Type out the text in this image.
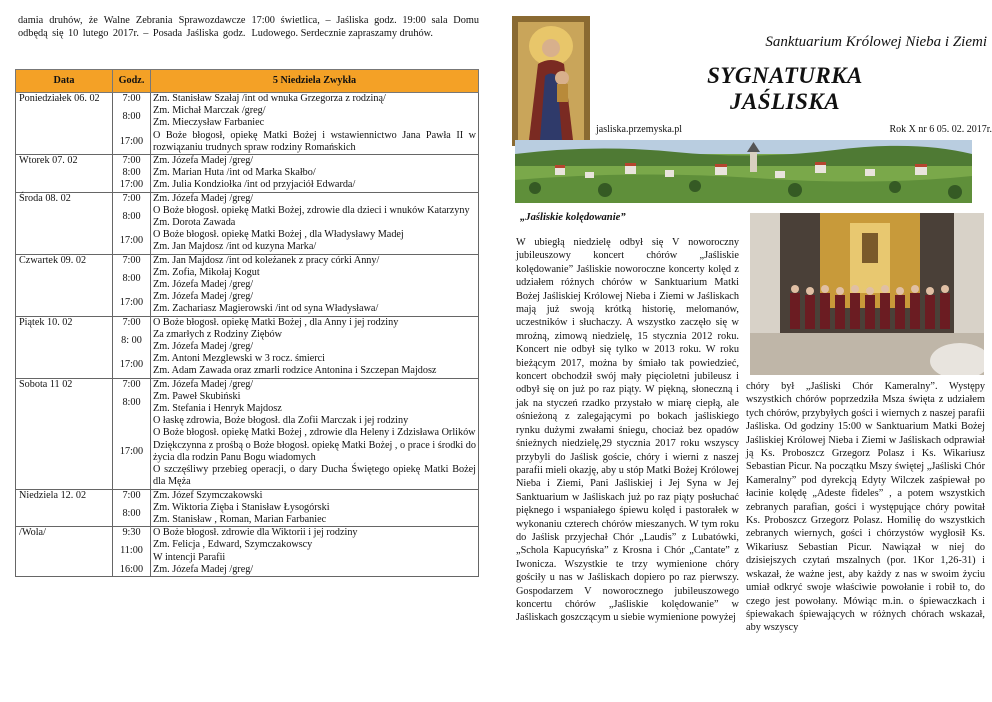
damia druhów, że Walne Zebrania Sprawozdawcze odbędą się 10 lutego 2017r. – Posada Jaśliska godz. 17:00 świetlica, – Jaśliska godz. 19:00 sala Domu Ludowego. Serdecznie zapraszamy druhów.

Data	Godz.	5 Niedziela Zwykła
Poniedziałek 06. 02	7:00	Zm. Stanisław Szałaj /int od wnuka Grzegorza z rodziną/
	8:00	Zm. Michał Marczak /greg/
Zm. Mieczysław Farbaniec
	17:00	O Boże błogosł, opiekę Matki Bożej i wstawiennictwo Jana Pawła II w rozwiązaniu trudnych spraw rodziny Romańskich
Wtorek 07. 02	7:00	Zm. Józefa Madej /greg/
	8:00	Zm. Marian Huta /int od Marka Skałbo/
	17:00	Zm. Julia Kondziołka /int od przyjaciół Edwarda/
Środa 08. 02	7:00	Zm. Józefa Madej /greg/
	8:00	O Boże błogosł. opiekę Matki Bożej, zdrowie dla dzieci i wnuków Katarzyny
Zm. Dorota Zawada
	17:00	O Boże błogosł. opiekę Matki Bożej , dla Władysławy Madej
Zm. Jan Majdosz /int od kuzyna Marka/
Czwartek 09. 02	7:00	Zm. Jan Majdosz /int od koleżanek z pracy córki Anny/
	8:00	Zm. Zofia, Mikołaj Kogut
Zm. Józefa Madej /greg/
	17:00	Zm. Józefa Madej /greg/
Zm. Zachariasz Magierowski /int od syna Władysława/
Piątek 10. 02	7:00	O Boże błogosł. opiekę Matki Bożej , dla Anny i jej rodziny
	8: 00	Za zmarłych z Rodziny Ziębów
Zm. Józefa Madej /greg/
	17:00	Zm. Antoni Mezglewski w 3 rocz. śmierci
Zm. Adam Zawada oraz zmarli rodzice Antonina i Szczepan Majdosz
Sobota 11 02	7:00	Zm. Józefa Madej /greg/
	8:00	Zm. Paweł Skubiński
Zm. Stefania i Henryk Majdosz
	17:00	O łaskę zdrowia, Boże błogosł. dla Zofii Marczak i jej rodziny
O Boże błogosł. opiekę Matki Bożej , zdrowie dla Heleny i Zdzisława Orlików
Dziękczynna z prośbą o Boże błogosł. opiekę Matki Bożej , o prace i środki do życia dla rodzin Panu Bogu wiadomych
O szczęśliwy przebieg operacji, o dary Ducha Świętego opiekę Matki Bożej dla Męża
Niedziela 12. 02	7:00	Zm. Józef Szymczakowski
	8:00	Zm. Wiktoria Zięba i Stanisław Łysogórski
Zm. Stanisław , Roman, Marian Farbaniec
/Wola/	9:30	O Boże błogosł. zdrowie dla Wiktorii i jej rodziny
	11:00	Zm. Felicja , Edward, Szymczakowscy
W intencji Parafii
	16:00	Zm. Józefa Madej /greg/
Sanktuarium Królowej Nieba i Ziemi
SYGNATURKA
JAŚLISKA
jasliska.przemyska.pl	Rok X nr 6 05. 02. 2017r.
„Jaśliskie kolędowanie”
W ubiegłą niedzielę odbył się V noworoczny jubileuszowy koncert chórów „Jaśliskie kolędowanie” Jaśliskie noworoczne koncerty kolęd z udziałem różnych chórów w Sanktuarium Matki Bożej Jaśliskiej Królowej Nieba i Ziemi w Jaśliskach mają już swoją krótką historię, melomanów, uczestników i słuchaczy. A wszystko zaczęło się w mroźną, zimową niedzielę, 15 stycznia 2012 roku. Koncert nie odbył się tylko w 2013 roku. W roku bieżącym 2017, można by śmiało tak powiedzieć, koncert obchodził swój mały pięcioletni jubileusz i odbył się on już po raz piąty. W piękną, słoneczną i jak na styczeń rzadko przystało w miarę ciepłą, ale ośnieżoną z zalegającymi po bokach jaśliskiego rynku dużymi zwałami śniegu, chociaż bez opadów śnieżnych niedzielę,29 stycznia 2017 roku wszyscy przybyli do Jaślisk goście, chóry i wierni z naszej parafii mieli okazję, aby u stóp Matki Bożej Królowej Nieba i Ziemi, Pani Jaśliskiej i Jej Syna w Jej Sanktuarium w Jaśliskach już po raz piąty posłuchać pięknego i wspaniałego śpiewu kolęd i pastorałek w wykonaniu czterech chórów mieszanych. W tym roku do Jaślisk przyjechał Chór „Laudis” z Lubatówki, „Schola Kapucyńska” z Krosna i Chór „Cantate” z Iwonicza. Wszystkie te trzy wymienione chóry gościły u nas w Jaśliskach dopiero po raz pierwszy. Gospodarzem V noworocznego jubileuszowego koncertu chórów „Jaśliskie kolędowanie” w Jaśliskach goszczącym u siebie wymienione powyżej
chóry był „Jaśliski Chór Kameralny”. Występy wszystkich chórów poprzedziła Msza święta z udziałem tych chórów, przybyłych gości i wiernych z naszej parafii Jaśliska. Od godziny 15:00 w Sanktuarium Matki Bożej Jaśliskiej Królowej Nieba i Ziemi w Jaśliskach odprawiał ją Ks. Proboszcz Grzegorz Polasz i Ks. Wikariusz Sebastian Picur. Na początku Mszy świętej „Jaśliski Chór Kameralny” pod dyrekcją Edyty Wilczek zaśpiewał po łacinie kolędę „Adeste fideles” , a potem wszystkich zebranych parafian, gości i występujące chóry powitał Ks. Proboszcz Grzegorz Polasz. Homilię do wszystkich zebranych wiernych, gości i chórzystów wygłosił Ks. Wikariusz Sebastian Picur. Nawiązał w niej do dzisiejszych czytań mszalnych (por. 1Kor 1,26-31) i wskazał, że ważne jest, aby każdy z nas w swoim życiu umiał odkryć swoje właściwie powołanie i robił to, do czego jest powołany. Mówiąc m.in. o śpiewaczkach i śpiewakach śpiewających w różnych chórach wskazał, aby wszyscy
